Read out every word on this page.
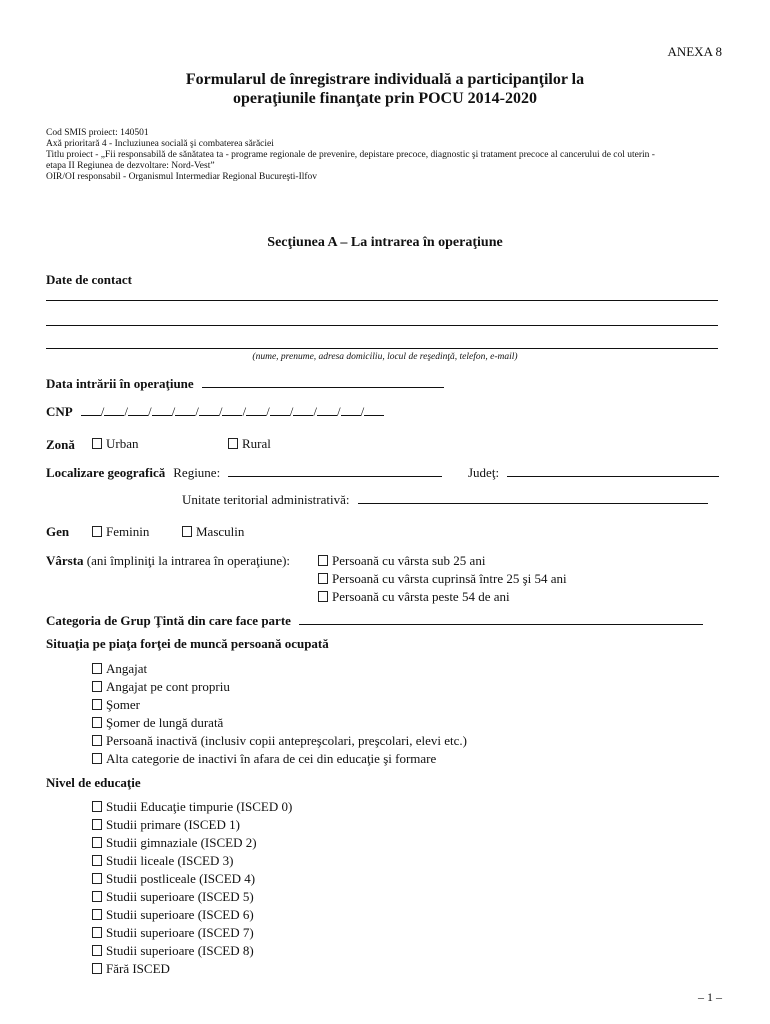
ANEXA 8
Formularul de înregistrare individuală a participanţilor la
operaţiunile finanţate prin POCU 2014-2020
Cod SMIS proiect: 140501
Axă prioritară 4 - Incluziunea socială şi combaterea sărăciei
Titlu proiect - „Fii responsabilă de sănătatea ta - programe regionale de prevenire, depistare precoce, diagnostic şi tratament precoce al cancerului de col uterin -
etapa II Regiunea de dezvoltare: Nord-Vest”
OIR/OI responsabil - Organismul Intermediar Regional Bucureşti-Ilfov
Secţiunea A – La intrarea în operaţiune
Date de contact
(nume, prenume, adresa domiciliu, locul de reşedinţă, telefon, e-mail)
Data intrării în operaţiune
CNP / / / / / / / / / / / /
Zonă	Urban	Rural
Localizare geografică Regiune:	Judeţ:
Unitate teritorial administrativă:
Gen	Feminin	Masculin
Vârsta (ani împliniţi la intrarea în operaţiune):	Persoană cu vârsta sub 25 ani
Persoană cu vârsta cuprinsă între 25 şi 54 ani
Persoană cu vârsta peste 54 de ani
Categoria de Grup Ţintă din care face parte
Situaţia pe piaţa forţei de muncă persoană ocupată
Angajat
Angajat pe cont propriu
Şomer
Şomer de lungă durată
Persoană inactivă (inclusiv copii antepreşcolari, preşcolari, elevi etc.)
Alta categorie de inactivi în afara de cei din educaţie şi formare
Nivel de educaţie
Studii Educaţie timpurie (ISCED 0)
Studii primare (ISCED 1)
Studii gimnaziale (ISCED 2)
Studii liceale (ISCED 3)
Studii postliceale (ISCED 4)
Studii superioare (ISCED 5)
Studii superioare (ISCED 6)
Studii superioare (ISCED 7)
Studii superioare (ISCED 8)
Fără ISCED
– 1 –
